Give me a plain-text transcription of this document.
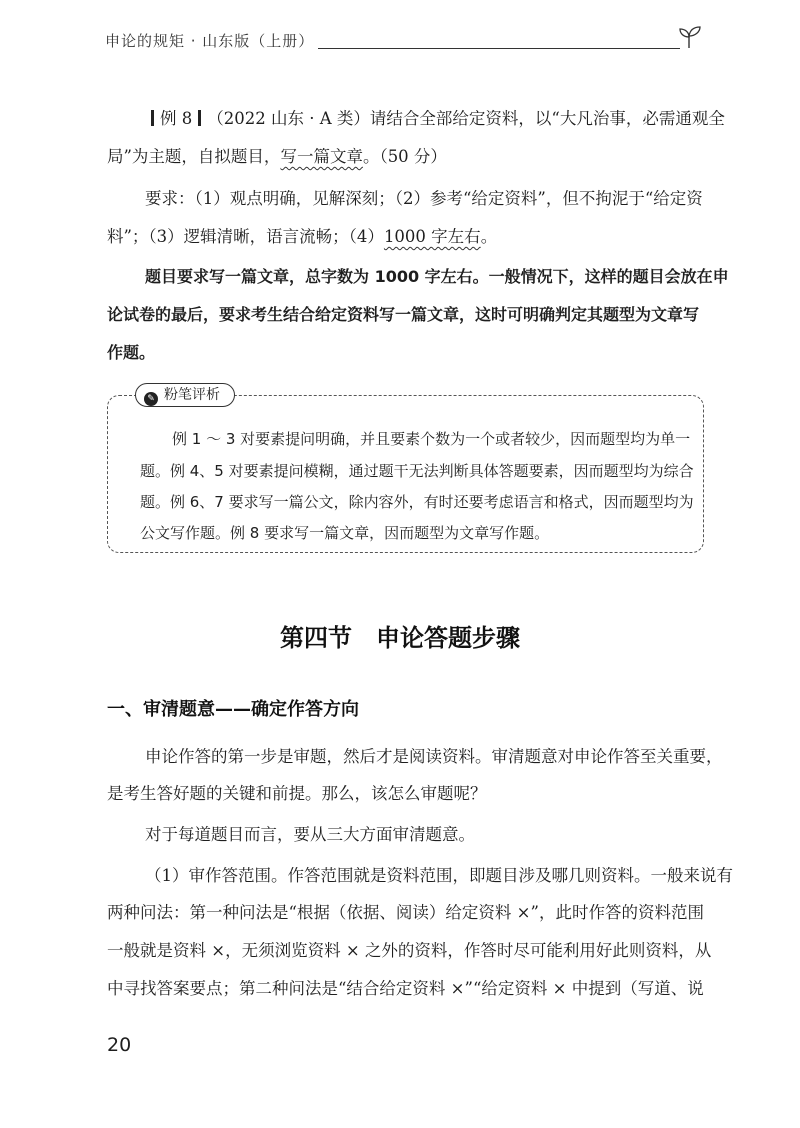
申论的规矩 · 山东版（上册）
例 8 （2022 山东 · A 类）请结合全部给定资料，以“大凡治事，必需通观全
局”为主题，自拟题目，写一篇文章。（50 分）
要求：（1）观点明确，见解深刻；（2）参考“给定资料”，但不拘泥于“给定资
料”；（3）逻辑清晰，语言流畅；（4）1000 字左右。
题目要求写一篇文章，总字数为 1000 字左右。一般情况下，这样的题目会放在申
论试卷的最后，要求考生结合给定资料写一篇文章，这时可明确判定其题型为文章写
作题。
✎ 粉笔评析
例 1 ～ 3 对要素提问明确，并且要素个数为一个或者较少，因而题型均为单一
题。例 4、5 对要素提问模糊，通过题干无法判断具体答题要素，因而题型均为综合
题。例 6、7 要求写一篇公文，除内容外，有时还要考虑语言和格式，因而题型均为
公文写作题。例 8 要求写一篇文章，因而题型为文章写作题。
第四节　申论答题步骤
一、审清题意——确定作答方向
申论作答的第一步是审题，然后才是阅读资料。审清题意对申论作答至关重要，
是考生答好题的关键和前提。那么，该怎么审题呢？
对于每道题目而言，要从三大方面审清题意。
（1）审作答范围。作答范围就是资料范围，即题目涉及哪几则资料。一般来说有
两种问法：第一种问法是“根据（依据、阅读）给定资料 ×”，此时作答的资料范围
一般就是资料 ×，无须浏览资料 × 之外的资料，作答时尽可能利用好此则资料，从
中寻找答案要点；第二种问法是“结合给定资料 ×”“给定资料 × 中提到（写道、说
20
